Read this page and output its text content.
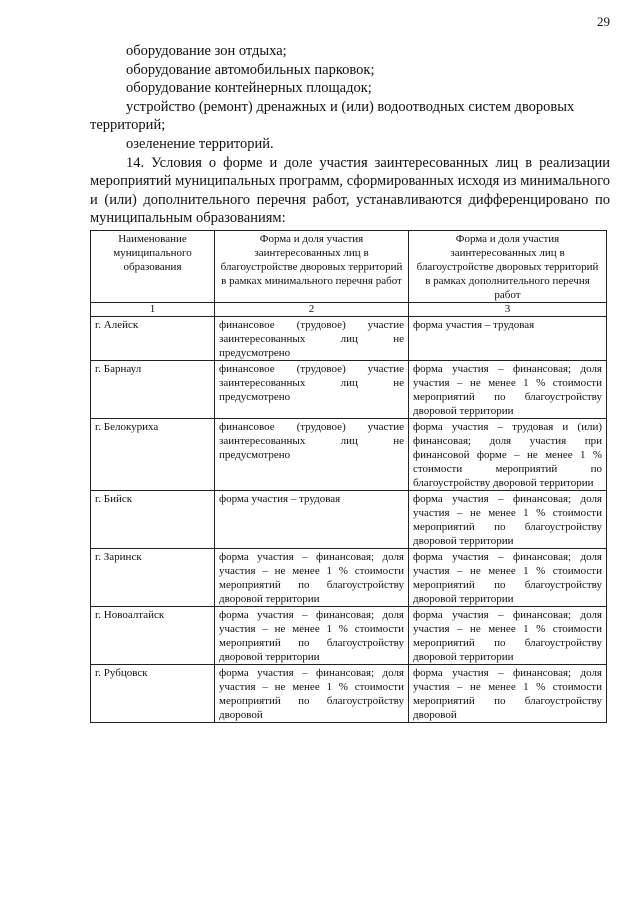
29
оборудование зон отдыха;
оборудование автомобильных парковок;
оборудование контейнерных площадок;
устройство (ремонт) дренажных и (или) водоотводных систем дворовых
территорий;
озеленение территорий.
14. Условия о форме и доле участия заинтересованных лиц в реализации мероприятий муниципальных программ, сформированных исходя из минимального и (или) дополнительного перечня работ, устанавливаются дифференцировано по муниципальным образованиям:
Наименование муниципального образования	Форма и доля участия заинтересованных лиц в благоустройстве дворовых территорий в рамках минимального перечня работ	Форма и доля участия заинтересованных лиц в благоустройстве дворовых территорий в рамках дополнительного перечня работ
1	2	3
г. Алейск	финансовое (трудовое) участие заинтересованных лиц не предусмотрено	форма участия – трудовая
г. Барнаул	финансовое (трудовое) участие заинтересованных лиц не предусмотрено	форма участия – финансовая; доля участия – не менее 1 % стоимости мероприятий по благоустройству дворовой территории
г. Белокуриха	финансовое (трудовое) участие заинтересованных лиц не предусмотрено	форма участия – трудовая и (или) финансовая; доля участия при финансовой форме – не менее 1 % стоимости мероприятий по благоустройству дворовой территории
г. Бийск	форма участия – трудовая	форма участия – финансовая; доля участия – не менее 1 % стоимости мероприятий по благоустройству дворовой территории
г. Заринск	форма участия – финансовая; доля участия – не менее 1 % стоимости мероприятий по благоустройству дворовой территории	форма участия – финансовая; доля участия – не менее 1 % стоимости мероприятий по благоустройству дворовой территории
г. Новоалтайск	форма участия – финансовая; доля участия – не менее 1 % стоимости мероприятий по благоустройству дворовой территории	форма участия – финансовая; доля участия – не менее 1 % стоимости мероприятий по благоустройству дворовой территории
г. Рубцовск	форма участия – финансовая; доля участия – не менее 1 % стоимости мероприятий по благоустройству дворовой	форма участия – финансовая; доля участия – не менее 1 % стоимости мероприятий по благоустройству дворовой
